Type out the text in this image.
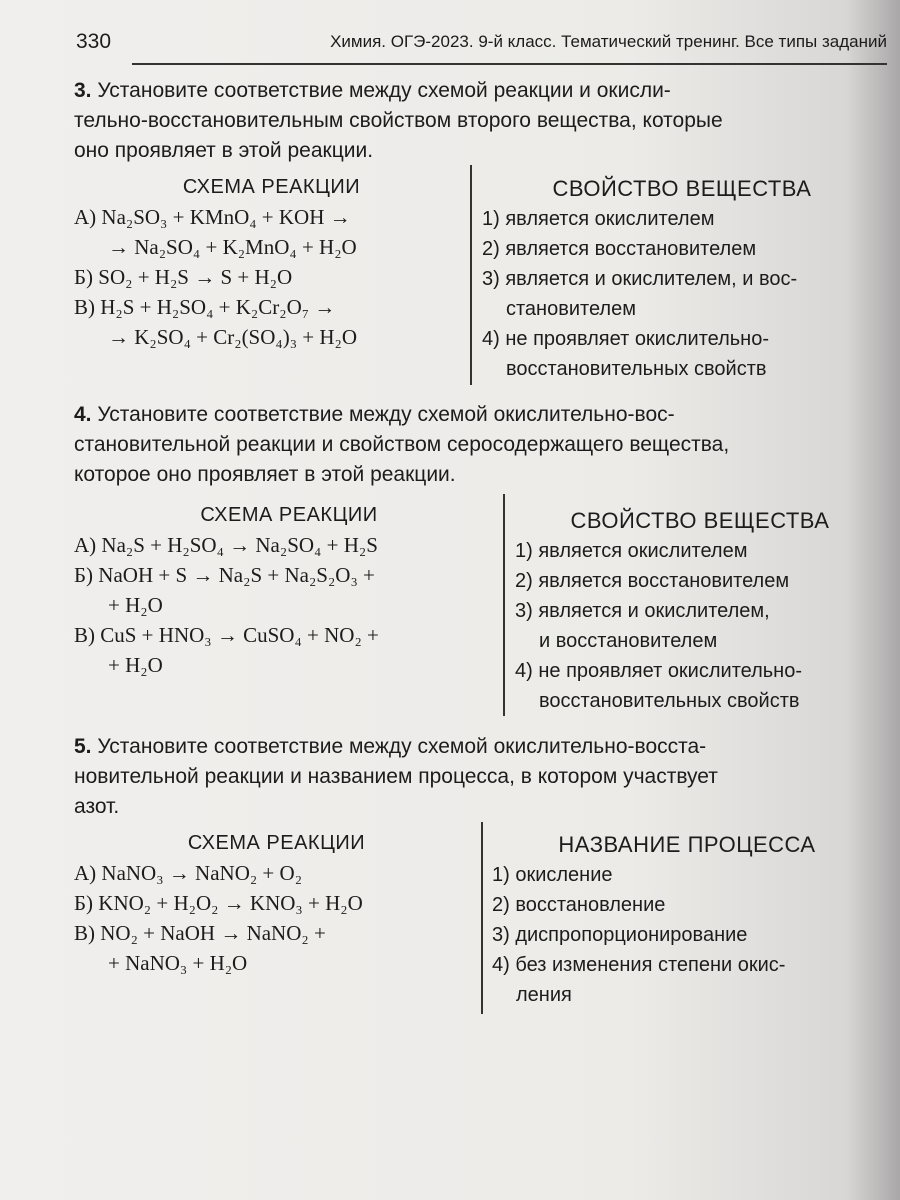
330	Химия. ОГЭ-2023. 9-й класс. Тематический тренинг. Все типы заданий

3. Установите соответствие между схемой реакции и окисли-

тельно-восстановительным свойством второго вещества, которые

оно проявляет в этой реакции.

СХЕМА РЕАКЦИИ
А) Na₂SO₃ + KMnO₄ + KOH →
→ Na₂SO₄ + K₂MnO₄ + H₂O
Б) SO₂ + H₂S → S + H₂O
В) H₂S + H₂SO₄ + K₂Cr₂O₇ →
→ K₂SO₄ + Cr₂(SO₄)₃ + H₂O
СВОЙСТВО ВЕЩЕСТВА
1) является окислителем
2) является восстановителем
3) является и окислителем, и вос-
становителем
4) не проявляет окислительно-
восстановительных свойств

4. Установите соответствие между схемой окислительно-вос-

становительной реакции и свойством серосодержащего вещества,

которое оно проявляет в этой реакции.

СХЕМА РЕАКЦИИ
А) Na₂S + H₂SO₄ → Na₂SO₄ + H₂S
Б) NaOH + S → Na₂S + Na₂S₂O₃ +
+ H₂O
В) CuS + HNO₃ → CuSO₄ + NO₂ +
+ H₂O
СВОЙСТВО ВЕЩЕСТВА
1) является окислителем
2) является восстановителем
3) является и окислителем,
и восстановителем
4) не проявляет окислительно-
восстановительных свойств

5. Установите соответствие между схемой окислительно-восста-

новительной реакции и названием процесса, в котором участвует

азот.

СХЕМА РЕАКЦИИ
А) NaNO₃ → NaNO₂ + O₂
Б) KNO₂ + H₂O₂ → KNO₃ + H₂O
В) NO₂ + NaOH → NaNO₂ +
+ NaNO₃ + H₂O
НАЗВАНИЕ ПРОЦЕССА
1) окисление
2) восстановление
3) диспропорционирование
4) без изменения степени окис-
ления
